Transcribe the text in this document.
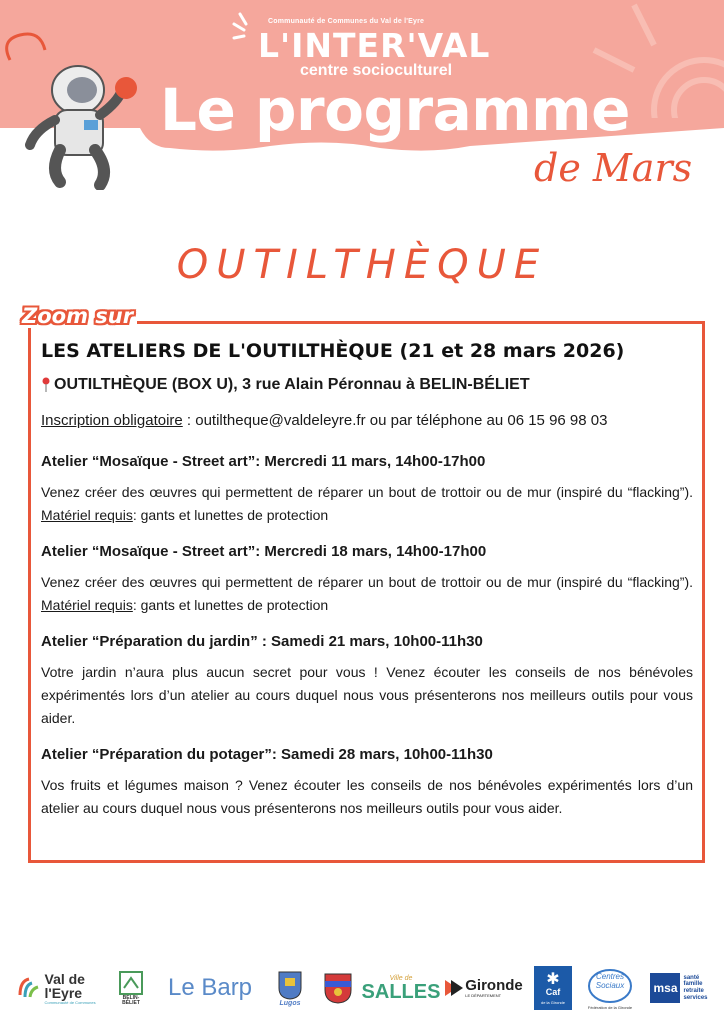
Communauté de Communes du Val de l'Eyre
L'INTER'VAL
centre socioculturel
Le programme
de Mars
OUTILTHÈQUE
Zoom sur
LES ATELIERS DE L'OUTILTHÈQUE (21 et 28 mars 2026)
OUTILTHÈQUE (BOX U), 3 rue Alain Péronnau à BELIN-BÉLIET
Inscription obligatoire : outiltheque@valdeleyre.fr ou par téléphone au 06 15 96 98 03
Atelier “Mosaïque - Street art”: Mercredi 11 mars, 14h00-17h00
Venez créer des œuvres qui permettent de réparer un bout de trottoir ou de mur (inspiré du “flacking”). Matériel requis: gants et lunettes de protection
Atelier “Mosaïque - Street art”: Mercredi 18 mars, 14h00-17h00
Venez créer des œuvres qui permettent de réparer un bout de trottoir ou de mur (inspiré du “flacking”). Matériel requis: gants et lunettes de protection
Atelier “Préparation du jardin” : Samedi 21 mars, 10h00-11h30
Votre jardin n’aura plus aucun secret pour vous ! Venez écouter les conseils de nos bénévoles expérimentés lors d’un atelier au cours duquel nous vous présenterons nos meilleurs outils pour vous aider.
Atelier “Préparation du potager”: Samedi 28 mars, 10h00-11h30
Vos fruits et légumes maison ? Venez écouter les conseils de nos bénévoles expérimentés lors d’un atelier au cours duquel nous vous présenterons nos meilleurs outils pour vous aider.
Val de l'Eyre
Communauté de Communes
BELIN-BÉLIET
Le Barp
Lugos
Ville de
SALLES Gironde
LE DÉPARTEMENT
✱
Caf
de la Gironde
Centres Sociaux
Fédération de la Gironde
msa
santé
famille
retraite
services
